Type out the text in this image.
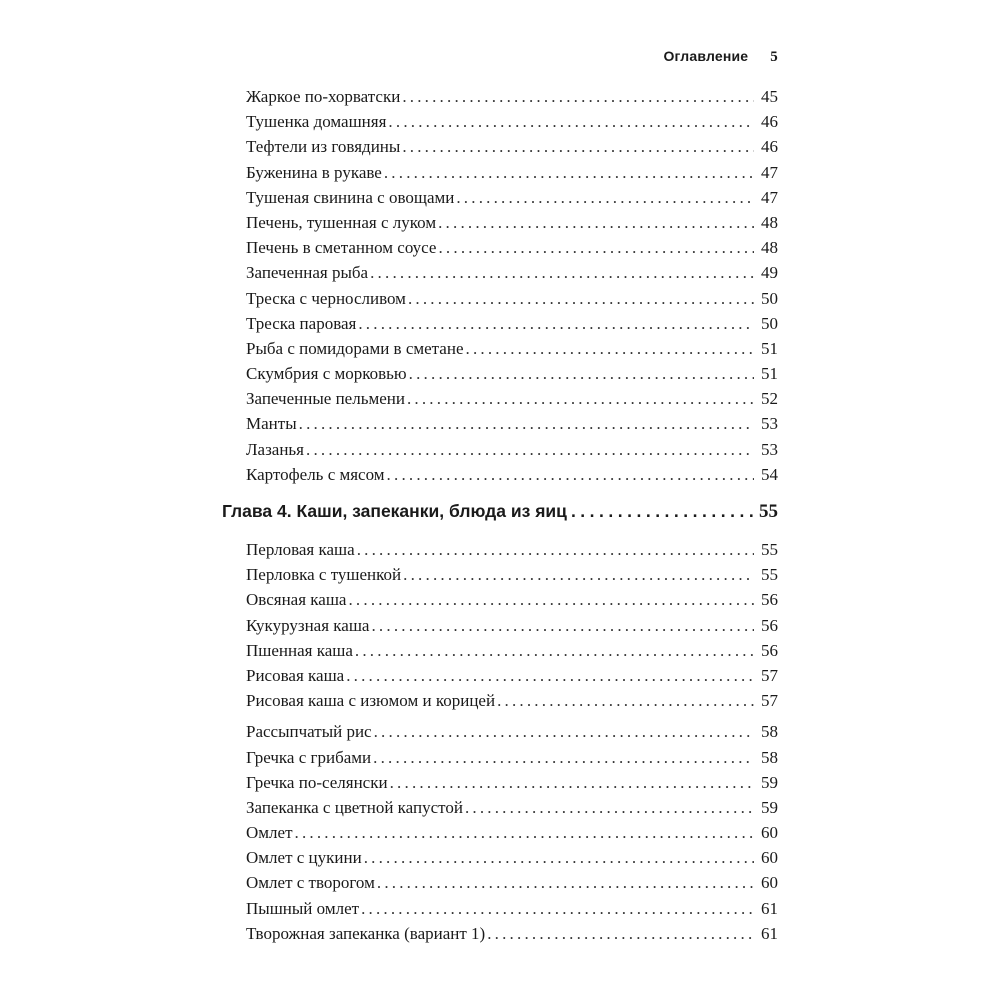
Оглавление 5
Жаркое по-хорватски .....	45
Тушенка домашняя .....	46
Тефтели из говядины .....	46
Буженина в рукаве .....	47
Тушеная свинина с овощами .....	47
Печень, тушенная с луком .....	48
Печень в сметанном соусе .....	48
Запеченная рыба .....	49
Треска с черносливом .....	50
Треска паровая .....	50
Рыба с помидорами в сметане .....	51
Скумбрия с морковью .....	51
Запеченные пельмени .....	52
Манты .....	53
Лазанья .....	53
Картофель с мясом .....	54
Глава 4. Каши, запеканки, блюда из яиц .....	55
Перловая каша .....	55
Перловка с тушенкой .....	55
Овсяная каша .....	56
Кукурузная каша .....	56
Пшенная каша .....	56
Рисовая каша .....	57
Рисовая каша с изюмом и корицей .....	57
Рассыпчатый рис .....	58
Гречка с грибами .....	58
Гречка по-селянски .....	59
Запеканка с цветной капустой .....	59
Омлет .....	60
Омлет с цукини .....	60
Омлет с творогом .....	60
Пышный омлет .....	61
Творожная запеканка (вариант 1) .....	61
